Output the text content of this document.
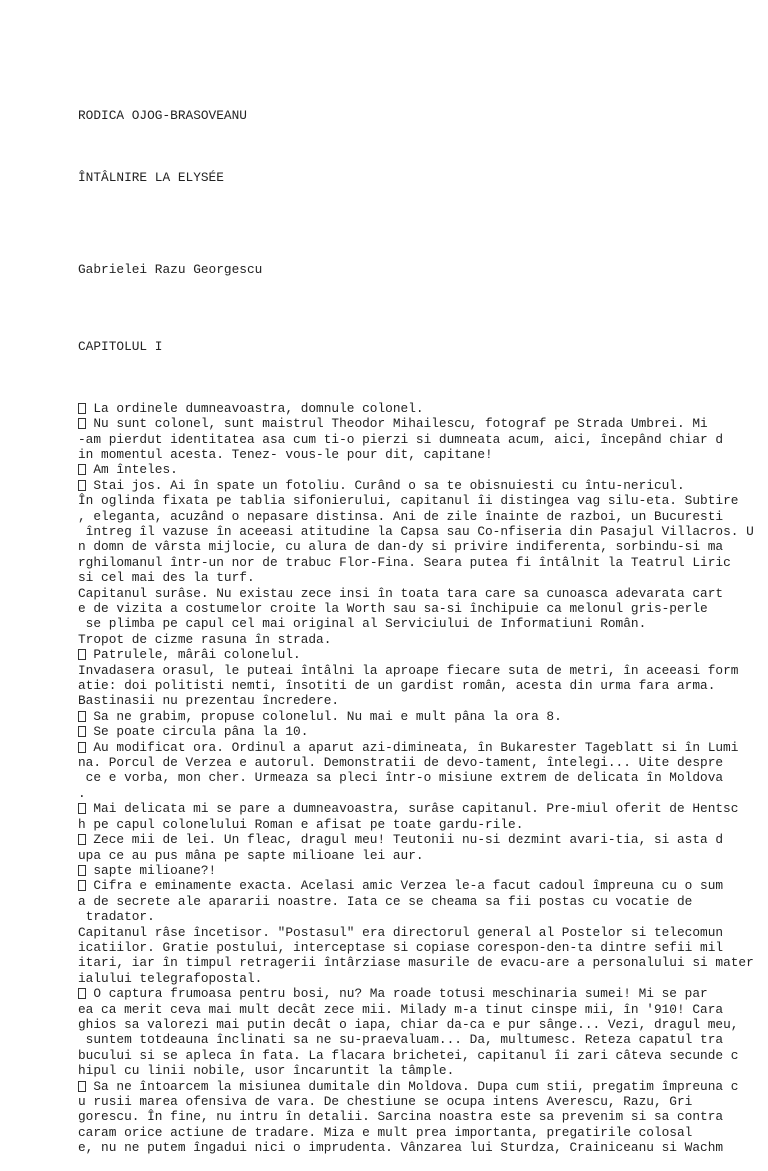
RODICA OJOG-BRASOVEANU

ÎNTÂLNIRE LA ELYSÉE

Gabrielei Razu Georgescu

CAPITOLUL I

La ordinele dumneavoastra, domnule colonel.
Nu sunt colonel, sunt maistrul Theodor Mihailescu, fotograf pe Strada Umbrei. Mi
-am pierdut identitatea asa cum ti-o pierzi si dumneata acum, aici, începând chiar d
in momentul acesta. Tenez- vous-le pour dit, capitane!
Am înteles.
Stai jos. Ai în spate un fotoliu. Curând o sa te obisnuiesti cu întu-nericul.
În oglinda fixata pe tablia sifonierului, capitanul îi distingea vag silu-eta. Subtire
, eleganta, acuzând o nepasare distinsa. Ani de zile înainte de razboi, un Bucuresti
întreg îl vazuse în aceeasi atitudine la Capsa sau Co-nfiseria din Pasajul Villacros. U
n domn de vârsta mijlocie, cu alura de dan-dy si privire indiferenta, sorbindu-si ma
rghilomanul într-un nor de trabuc Flor-Fina. Seara putea fi întâlnit la Teatrul Liric
si cel mai des la turf.
Capitanul surâse. Nu existau zece insi în toata tara care sa cunoasca adevarata cart
e de vizita a costumelor croite la Worth sau sa-si închipuie ca melonul gris-perle
se plimba pe capul cel mai original al Serviciului de Informatiuni Român.
Tropot de cizme rasuna în strada.
Patrulele, mârâi colonelul.
Invadasera orasul, le puteai întâlni la aproape fiecare suta de metri, în aceeasi form
atie: doi politisti nemti, însotiti de un gardist român, acesta din urma fara arma.
Bastinasii nu prezentau încredere.
Sa ne grabim, propuse colonelul. Nu mai e mult pâna la ora 8.
Se poate circula pâna la 10.
Au modificat ora. Ordinul a aparut azi-dimineata, în Bukarester Tageblatt si în Lumi
na. Porcul de Verzea e autorul. Demonstratii de devo-tament, întelegi... Uite despre
ce e vorba, mon cher. Urmeaza sa pleci într-o misiune extrem de delicata în Moldova
.
Mai delicata mi se pare a dumneavoastra, surâse capitanul. Pre-miul oferit de Hentsc
h pe capul colonelului Roman e afisat pe toate gardu-rile.
Zece mii de lei. Un fleac, dragul meu! Teutonii nu-si dezmint avari-tia, si asta d
upa ce au pus mâna pe sapte milioane lei aur.
sapte milioane?!
Cifra e eminamente exacta. Acelasi amic Verzea le-a facut cadoul împreuna cu o sum
a de secrete ale apararii noastre. Iata ce se cheama sa fii postas cu vocatie de
tradator.
Capitanul râse încetisor. "Postasul" era directorul general al Postelor si telecomun
icatiilor. Gratie postului, interceptase si copiase corespon-den-ta dintre sefii mil
itari, iar în timpul retragerii întârziase masurile de evacu-are a personalului si mater
ialului telegrafopostal.
O captura frumoasa pentru bosi, nu? Ma roade totusi meschinaria sumei! Mi se par
ea ca merit ceva mai mult decât zece mii. Milady m-a tinut cinspe mii, în '910! Cara
ghios sa valorezi mai putin decât o iapa, chiar da-ca e pur sânge... Vezi, dragul meu,
suntem totdeauna înclinati sa ne su-praevaluam... Da, multumesc. Reteza capatul tra
bucului si se apleca în fata. La flacara brichetei, capitanul îi zari câteva secunde c
hipul cu linii nobile, usor încaruntit la tâmple.
Sa ne întoarcem la misiunea dumitale din Moldova. Dupa cum stii, pregatim împreuna c
u rusii marea ofensiva de vara. De chestiune se ocupa intens Averescu, Razu, Gri
gorescu. În fine, nu intru în detalii. Sarcina noastra este sa prevenim si sa contra
caram orice actiune de tradare. Miza e mult prea importanta, pregatirile colosal
e, nu ne putem îngadui nici o imprudenta. Vânzarea lui Sturdza, Crainiceanu si Wachm
